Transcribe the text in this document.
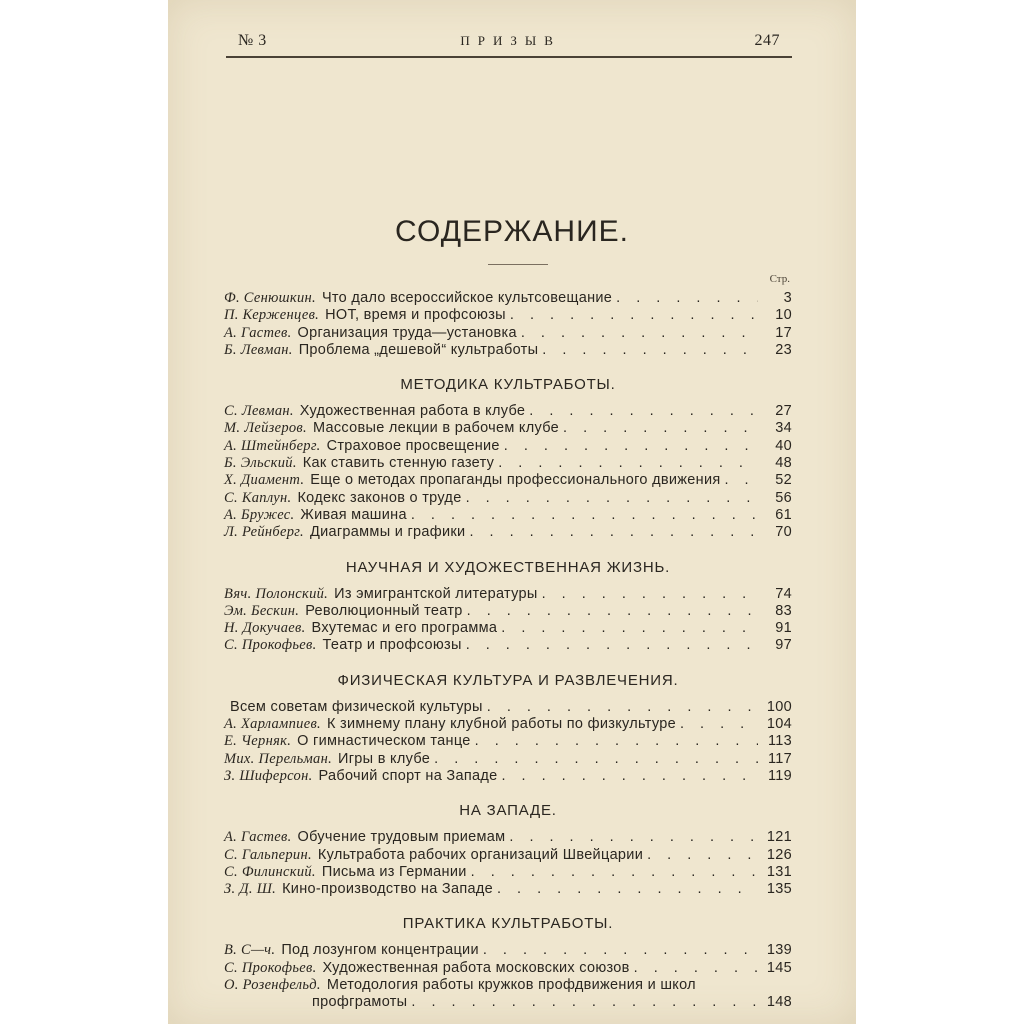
№ 3	ПРИЗЫВ	247
СОДЕРЖАНИЕ.
Стр.
Ф. Сенюшкин. Что дало всероссийское культсовещание . . .	3
П. Керженцев. НОТ, время и профсоюзы . . .	10
А. Гастев. Организация труда—установка . . .	17
Б. Левман. Проблема „дешевой“ культработы . . .	23
МЕТОДИКА КУЛЬТРАБОТЫ.
С. Левман. Художественная работа в клубе . . .	27
М. Лейзеров. Массовые лекции в рабочем клубе . . .	34
А. Штейнберг. Страховое просвещение . . .	40
Б. Эльский. Как ставить стенную газету . . .	48
Х. Диамент. Еще о методах пропаганды профессионального движения . . .	52
С. Каплун. Кодекс законов о труде . . .	56
А. Бружес. Живая машина . . .	61
Л. Рейнберг. Диаграммы и графики . . .	70
НАУЧНАЯ И ХУДОЖЕСТВЕННАЯ ЖИЗНЬ.
Вяч. Полонский. Из эмигрантской литературы . . .	74
Эм. Бескин. Революционный театр . . .	83
Н. Докучаев. Вхутемас и его программа . . .	91
С. Прокофьев. Театр и профсоюзы . . .	97
ФИЗИЧЕСКАЯ КУЛЬТУРА И РАЗВЛЕЧЕНИЯ.
Всем советам физической культуры . . .	100
А. Харлампиев. К зимнему плану клубной работы по физкультуре . . .	104
Е. Черняк. О гимнастическом танце . . .	113
Мих. Перельман. Игры в клубе . . .	117
З. Шиферсон. Рабочий спорт на Западе . . .	119
НА ЗАПАДЕ.
А. Гастев. Обучение трудовым приемам . . .	121
С. Гальперин. Культработа рабочих организаций Швейцарии . . .	126
С. Филинский. Письма из Германии . . .	131
З. Д. Ш. Кино-производство на Западе . . .	135
ПРАКТИКА КУЛЬТРАБОТЫ.
В. С—ч. Под лозунгом концентрации . . .	139
С. Прокофьев. Художественная работа московских союзов . . .	145
О. Розенфельд. Методология работы кружков профдвижения и школ
профграмоты . . .	148
